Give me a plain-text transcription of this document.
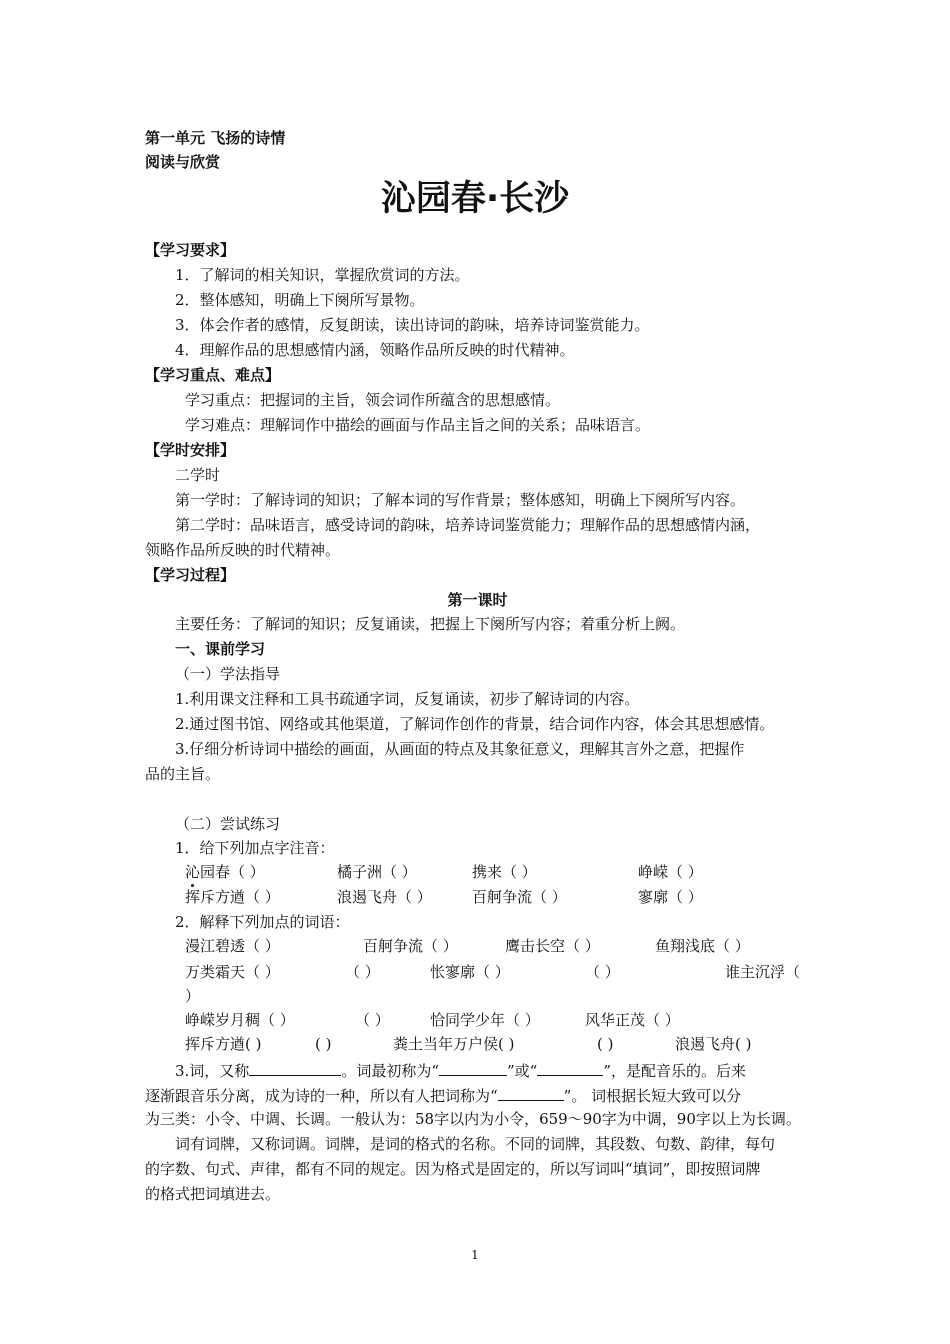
第一单元 飞扬的诗情
阅读与欣赏
沁园春·长沙
【学习要求】
1．了解词的相关知识，掌握欣赏词的方法。
2．整体感知，明确上下阕所写景物。
3．体会作者的感情，反复朗读，读出诗词的韵味，培养诗词鉴赏能力。
4．理解作品的思想感情内涵，领略作品所反映的时代精神。
【学习重点、难点】
学习重点：把握词的主旨，领会词作所蕴含的思想感情。
学习难点：理解词作中描绘的画面与作品主旨之间的关系；品味语言。
【学时安排】
二学时
第一学时：了解诗词的知识；了解本词的写作背景；整体感知，明确上下阕所写内容。
第二学时：品味语言，感受诗词的韵味，培养诗词鉴赏能力；理解作品的思想感情内涵，
领略作品所反映的时代精神。
【学习过程】
第一课时
主要任务：了解词的知识；反复诵读，把握上下阕所写内容；着重分析上阙。
一、课前学习
（一）学法指导
1.利用课文注释和工具书疏通字词，反复诵读，初步了解诗词的内容。
2.通过图书馆、网络或其他渠道，了解词作创作的背景，结合词作内容，体会其思想感情。
3.仔细分析诗词中描绘的画面，从画面的特点及其象征意义，理解其言外之意，把握作
品的主旨。
（二）尝试练习
1．给下列加点字注音：
沁园春（ ）	橘子洲（ ）	携来（ ）	峥嵘（ ）
挥斥方遒（ ）	浪遏飞舟（ ）	百舸争流（ ）	寥廓（ ）
2．解释下列加点的词语：
漫江碧透（ ）	百舸争流（ ）	鹰击长空（ ）	鱼翔浅底（ ）
万类霜天（ ）	（ ）	怅寥廓（ ）	（ ）	谁主沉浮（
）
峥嵘岁月稠（ ）	（ ）	恰同学少年（ ）	风华正茂（ ）
挥斥方遒( )	( )	粪土当年万户侯( )	( )	浪遏飞舟( )
3.词，又称	。词最初称为“	”或“	”，是配音乐的。后来
逐渐跟音乐分离，成为诗的一种，所以有人把词称为“	”。 词根据长短大致可以分
为三类：小令、中调、长调。一般认为：58字以内为小令，659～90字为中调，90字以上为长调。
词有词牌，又称词调。词牌，是词的格式的名称。不同的词牌，其段数、句数、韵律，每句
的字数、句式、声律，都有不同的规定。因为格式是固定的，所以写词叫“填词”，即按照词牌
的格式把词填进去。
1
